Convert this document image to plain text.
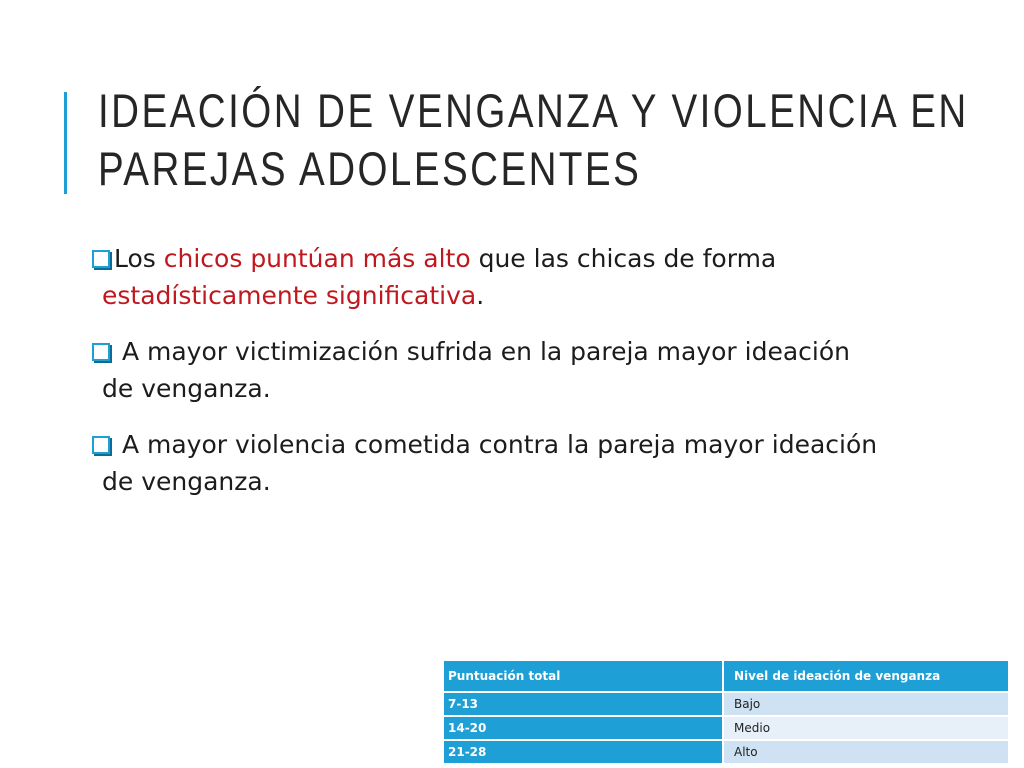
IDEACIÓN DE VENGANZA Y VIOLENCIA EN
PAREJAS ADOLESCENTES
Los chicos puntúan más alto que las chicas de forma
estadísticamente significativa.
A mayor victimización sufrida en la pareja mayor ideación
de venganza.
A mayor violencia cometida contra la pareja mayor ideación
de venganza.
Puntuación total	Nivel de ideación de venganza
7-13	Bajo
14-20	Medio
21-28	Alto
